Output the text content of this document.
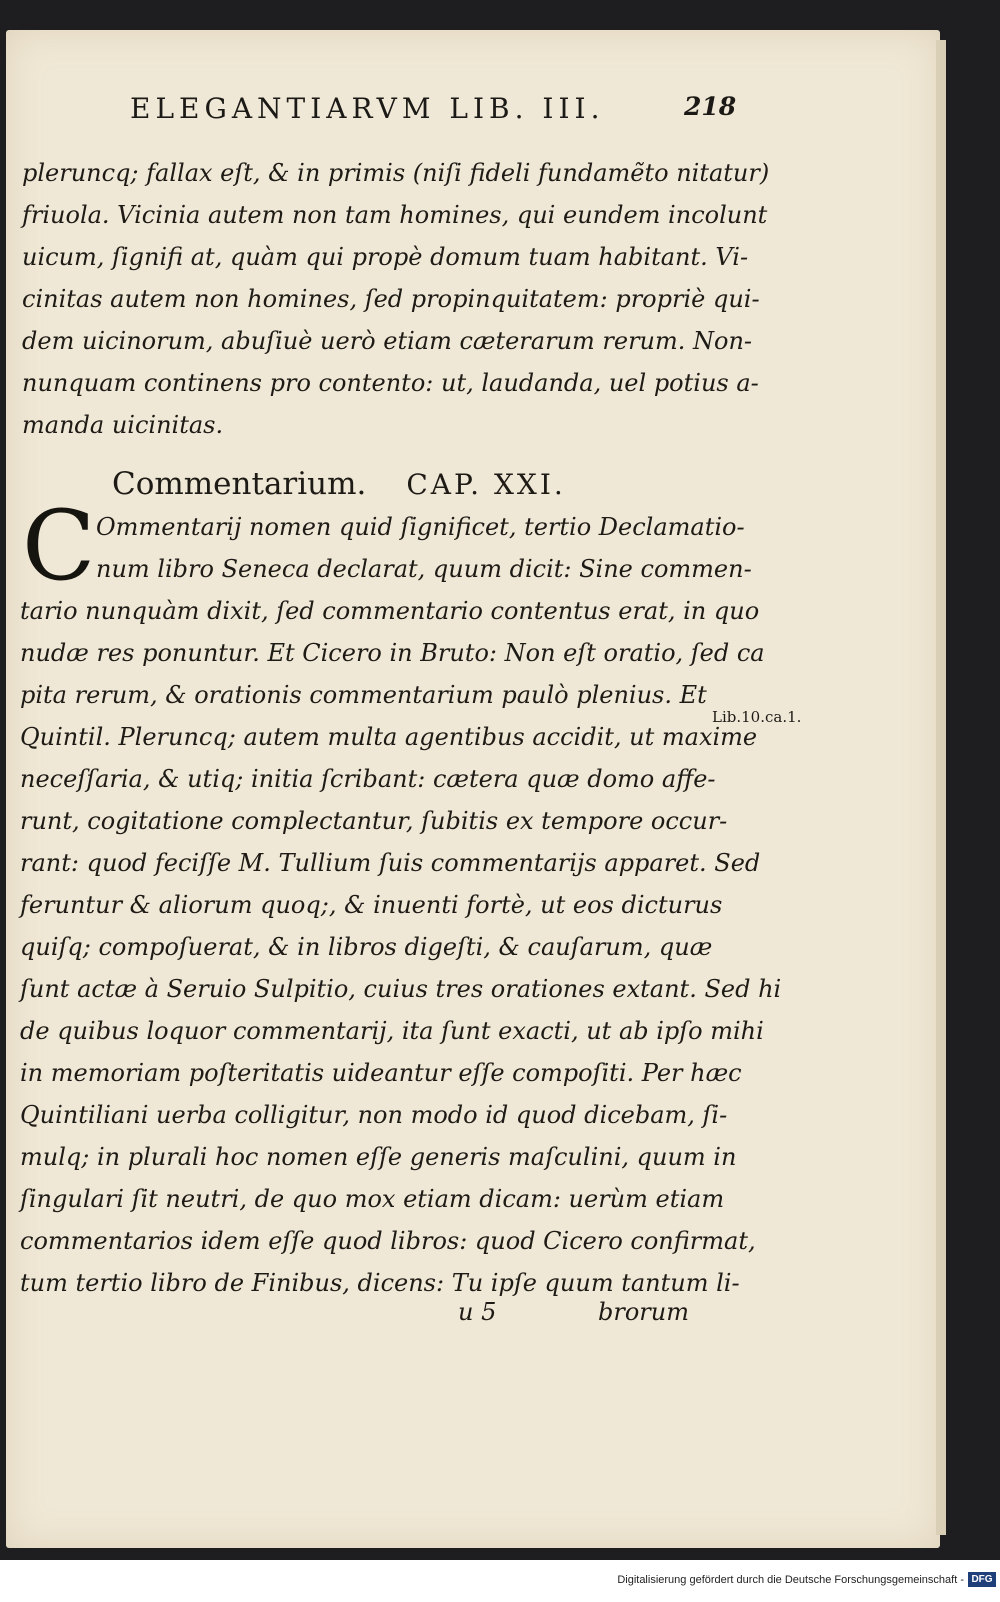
ELEGANTIARVM LIB. III.	218
pleruncq; fallax eſt, & in primis (niſi fideli fundamẽto nitatur)
friuola. Vicinia autem non tam homines, qui eundem incolunt
uicum, ſignifi at, quàm qui propè domum tuam habitant. Vi-
cinitas autem non homines, ſed propinquitatem: propriè qui-
dem uicinorum, abuſiuè uerò etiam cæterarum rerum. Non-
nunquam continens pro contento: ut, laudanda, uel potius a-
manda uicinitas.
Commentarium. CAP. XXI.
C Ommentarij nomen quid ſignificet, tertio Declamatio-
num libro Seneca declarat, quum dicit: Sine commen-
tario nunquàm dixit, ſed commentario contentus erat, in quo
nudæ res ponuntur. Et Cicero in Bruto: Non eſt oratio, ſed ca
pita rerum, & orationis commentarium paulò plenius. Et
Quintil. Pleruncq; autem multa agentibus accidit, ut maxime
neceſſaria, & utiq; initia ſcribant: cætera quæ domo affe-
runt, cogitatione complectantur, ſubitis ex tempore occur-
rant: quod feciſſe M. Tullium ſuis commentarijs apparet. Sed
feruntur & aliorum quoq;, & inuenti fortè, ut eos dicturus
quiſq; compoſuerat, & in libros digeſti, & cauſarum, quæ
ſunt actæ à Seruio Sulpitio, cuius tres orationes extant. Sed hi
de quibus loquor commentarij, ita ſunt exacti, ut ab ipſo mihi
in memoriam poſteritatis uideantur eſſe compoſiti. Per hæc
Quintiliani uerba colligitur, non modo id quod dicebam, ſi-
mulq; in plurali hoc nomen eſſe generis maſculini, quum in
ſingulari ſit neutri, de quo mox etiam dicam: uerùm etiam
commentarios idem eſſe quod libros: quod Cicero confirmat,
tum tertio libro de Finibus, dicens: Tu ipſe quum tantum li-
Lib.10.ca.1.
u 5	brorum
Digitalisierung gefördert durch die Deutsche Forschungsgemeinschaft - DFG
